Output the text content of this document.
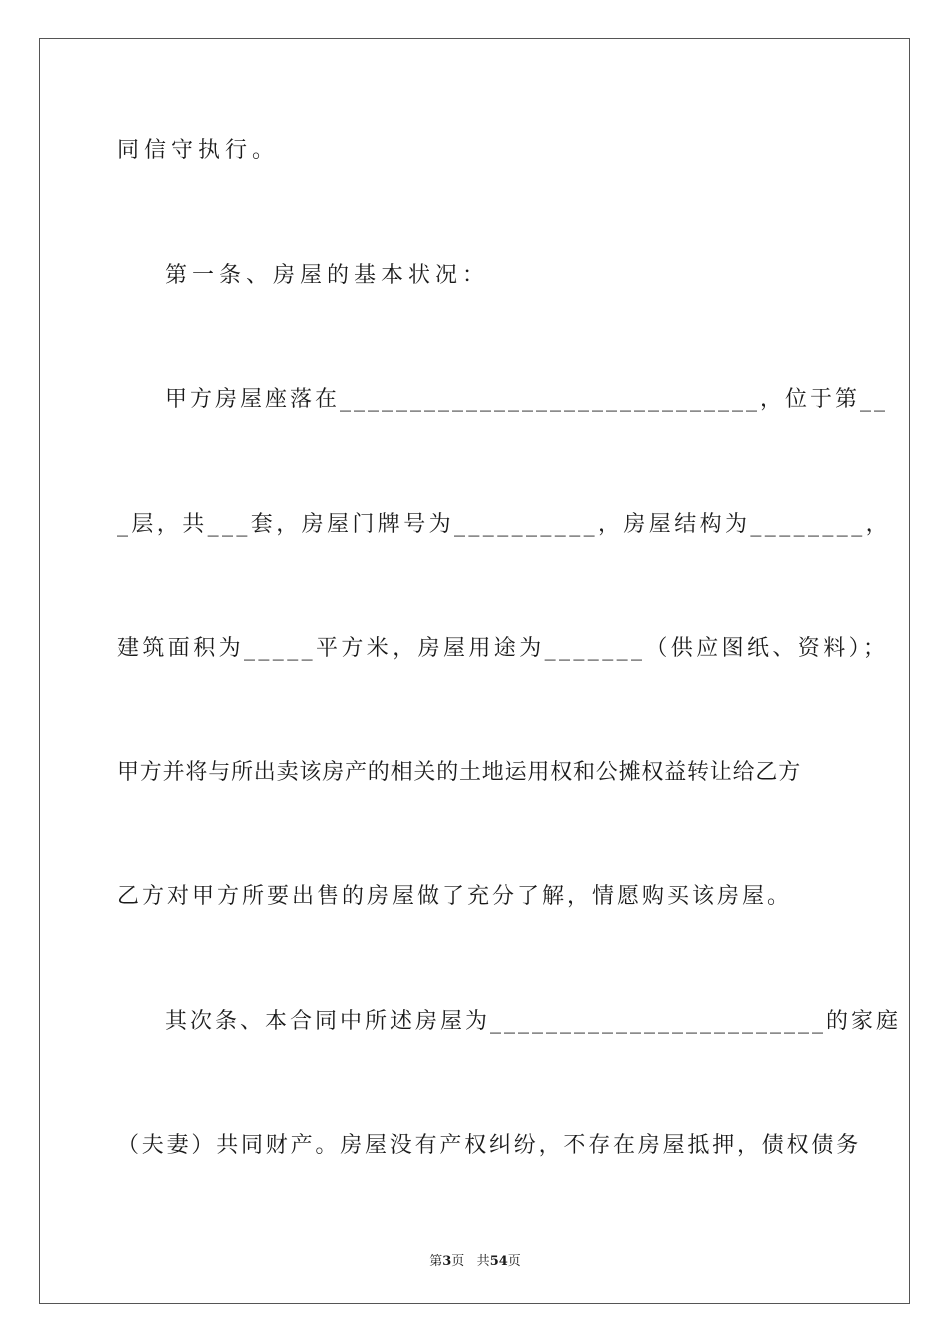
同信守执行。
第一条、房屋的基本状况：
甲方房屋座落在______________________________，位于第__
_层，共___套，房屋门牌号为__________，房屋结构为________，
建筑面积为_____平方米，房屋用途为_______（供应图纸、资料）；
甲方并将与所出卖该房产的相关的土地运用权和公摊权益转让给乙方
乙方对甲方所要出售的房屋做了充分了解，情愿购买该房屋。
其次条、本合同中所述房屋为________________________的家庭
（夫妻）共同财产。房屋没有产权纠纷，不存在房屋抵押，债权债务
第3页 共54页
